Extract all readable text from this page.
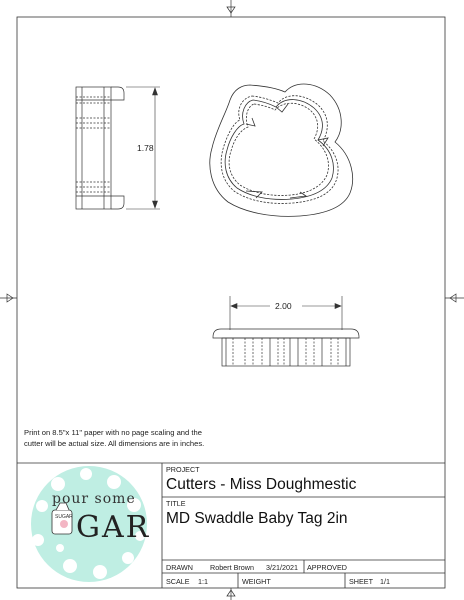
1.78
2.00
Print on 8.5"x 11" paper with no page scaling and the cutter will be actual size. All dimensions are in inches.
pour some
SUGAR GAR
PROJECT
Cutters - Miss Doughmestic
TITLE
MD Swaddle Baby Tag 2in
DRAWN Robert Brown 3/21/2021 APPROVED
SCALE 1:1	WEIGHT	SHEET 1/1
